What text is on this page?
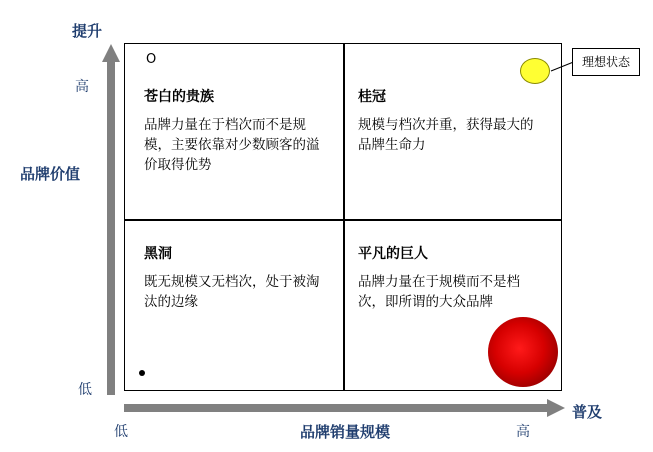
提升
高
品牌价值
低
低	品牌销量规模	高
普及
O
苍白的贵族
品牌力量在于档次而不是规模，主要依靠对少数顾客的溢价取得优势
桂冠
规模与档次并重，获得最大的品牌生命力
黑洞
既无规模又无档次，处于被淘汰的边缘
平凡的巨人
品牌力量在于规模而不是档次，即所谓的大众品牌
理想状态
